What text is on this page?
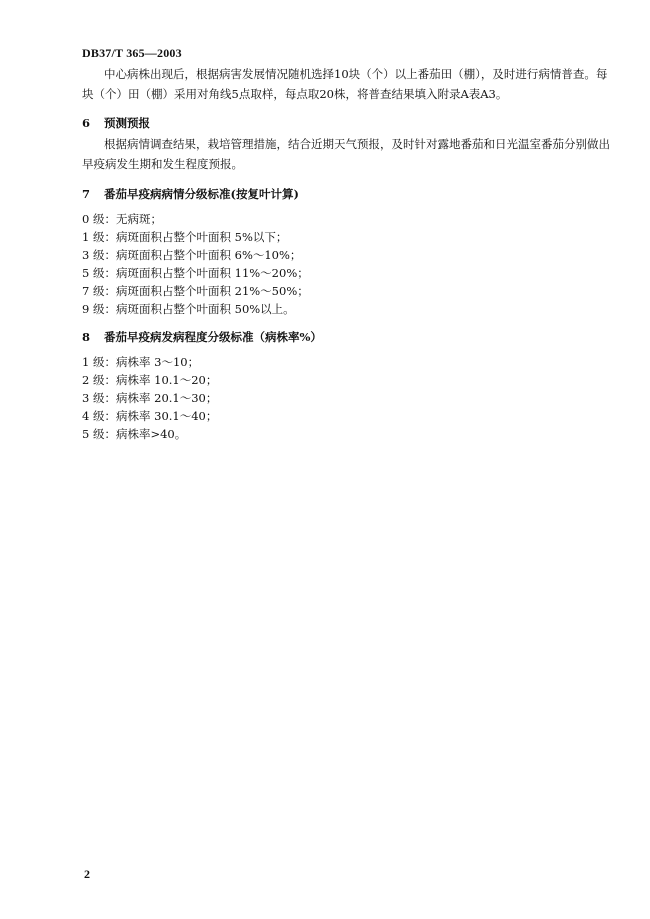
DB37/T 365—2003

中心病株出现后，根据病害发展情况随机选择10块（个）以上番茄田（棚），及时进行病情普查。每块（个）田（棚）采用对角线5点取样，每点取20株，将普查结果填入附录A表A3。

6 预测预报

根据病情调查结果，栽培管理措施，结合近期天气预报，及时针对露地番茄和日光温室番茄分别做出早疫病发生期和发生程度预报。

7 番茄早疫病病情分级标准(按复叶计算)
0 级：无病斑；
1 级：病斑面积占整个叶面积 5%以下；
3 级：病斑面积占整个叶面积 6%～10%；
5 级：病斑面积占整个叶面积 11%～20%；
7 级：病斑面积占整个叶面积 21%～50%；
9 级：病斑面积占整个叶面积 50%以上。
8 番茄早疫病发病程度分级标准（病株率%）
1 级：病株率 3～10；
2 级：病株率 10.1～20；
3 级：病株率 20.1～30；
4 级：病株率 30.1～40；
5 级：病株率>40。
2
